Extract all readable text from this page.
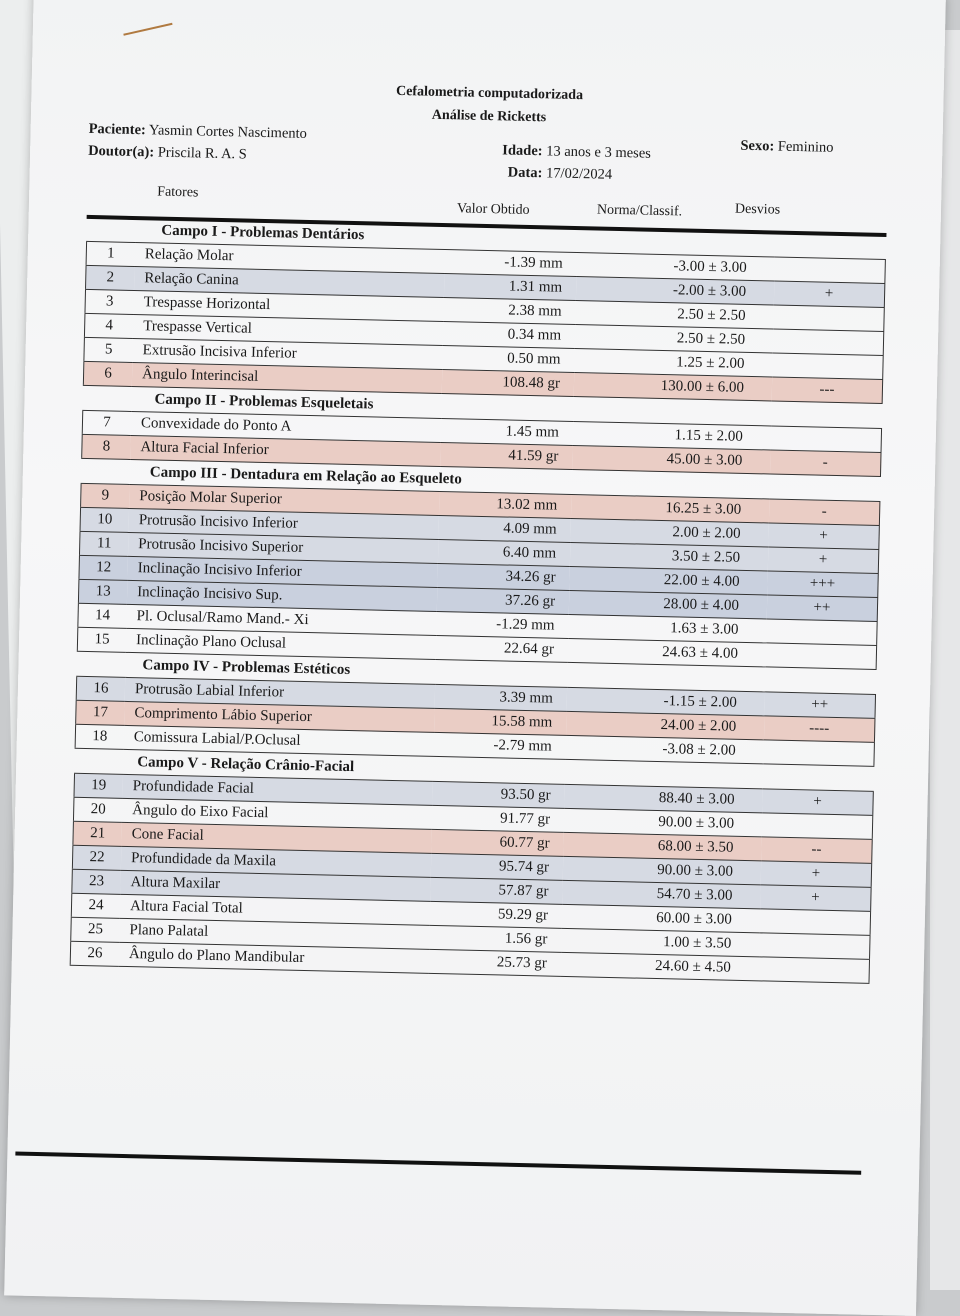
Cefalometria computadorizada
Análise de Ricketts
Paciente: Yasmin Cortes Nascimento
Doutor(a): Priscila R. A. S	Idade: 13 anos e 3 meses
Data: 17/02/2024
Sexo: Feminino
Fatores
Valor Obtido	Norma/Classif.	Desvios
Campo I - Problemas Dentários
1	Relação Molar	-1.39 mm	-3.00 ± 3.00	
2	Relação Canina	1.31 mm	-2.00 ± 3.00	+
3	Trespasse Horizontal	2.38 mm	2.50 ± 2.50	
4	Trespasse Vertical	0.34 mm	2.50 ± 2.50	
5	Extrusão Incisiva Inferior	0.50 mm	1.25 ± 2.00	
6	Ângulo Interincisal	108.48 gr	130.00 ± 6.00	---
Campo II - Problemas Esqueletais
7	Convexidade do Ponto A	1.45 mm	1.15 ± 2.00	
8	Altura Facial Inferior	41.59 gr	45.00 ± 3.00	-
Campo III - Dentadura em Relação ao Esqueleto
9	Posição Molar Superior	13.02 mm	16.25 ± 3.00	-
10	Protrusão Incisivo Inferior	4.09 mm	2.00 ± 2.00	+
11	Protrusão Incisivo Superior	6.40 mm	3.50 ± 2.50	+
12	Inclinação Incisivo Inferior	34.26 gr	22.00 ± 4.00	+++
13	Inclinação Incisivo Sup.	37.26 gr	28.00 ± 4.00	++
14	Pl. Oclusal/Ramo Mand.- Xi	-1.29 mm	1.63 ± 3.00	
15	Inclinação Plano Oclusal	22.64 gr	24.63 ± 4.00	
Campo IV - Problemas Estéticos
16	Protrusão Labial Inferior	3.39 mm	-1.15 ± 2.00	++
17	Comprimento Lábio Superior	15.58 mm	24.00 ± 2.00	----
18	Comissura Labial/P.Oclusal	-2.79 mm	-3.08 ± 2.00	
Campo V - Relação Crânio-Facial
19	Profundidade Facial	93.50 gr	88.40 ± 3.00	+
20	Ângulo do Eixo Facial	91.77 gr	90.00 ± 3.00	
21	Cone Facial	60.77 gr	68.00 ± 3.50	--
22	Profundidade da Maxila	95.74 gr	90.00 ± 3.00	+
23	Altura Maxilar	57.87 gr	54.70 ± 3.00	+
24	Altura Facial Total	59.29 gr	60.00 ± 3.00	
25	Plano Palatal	1.56 gr	1.00 ± 3.50	
26	Ângulo do Plano Mandibular	25.73 gr	24.60 ± 4.50	
